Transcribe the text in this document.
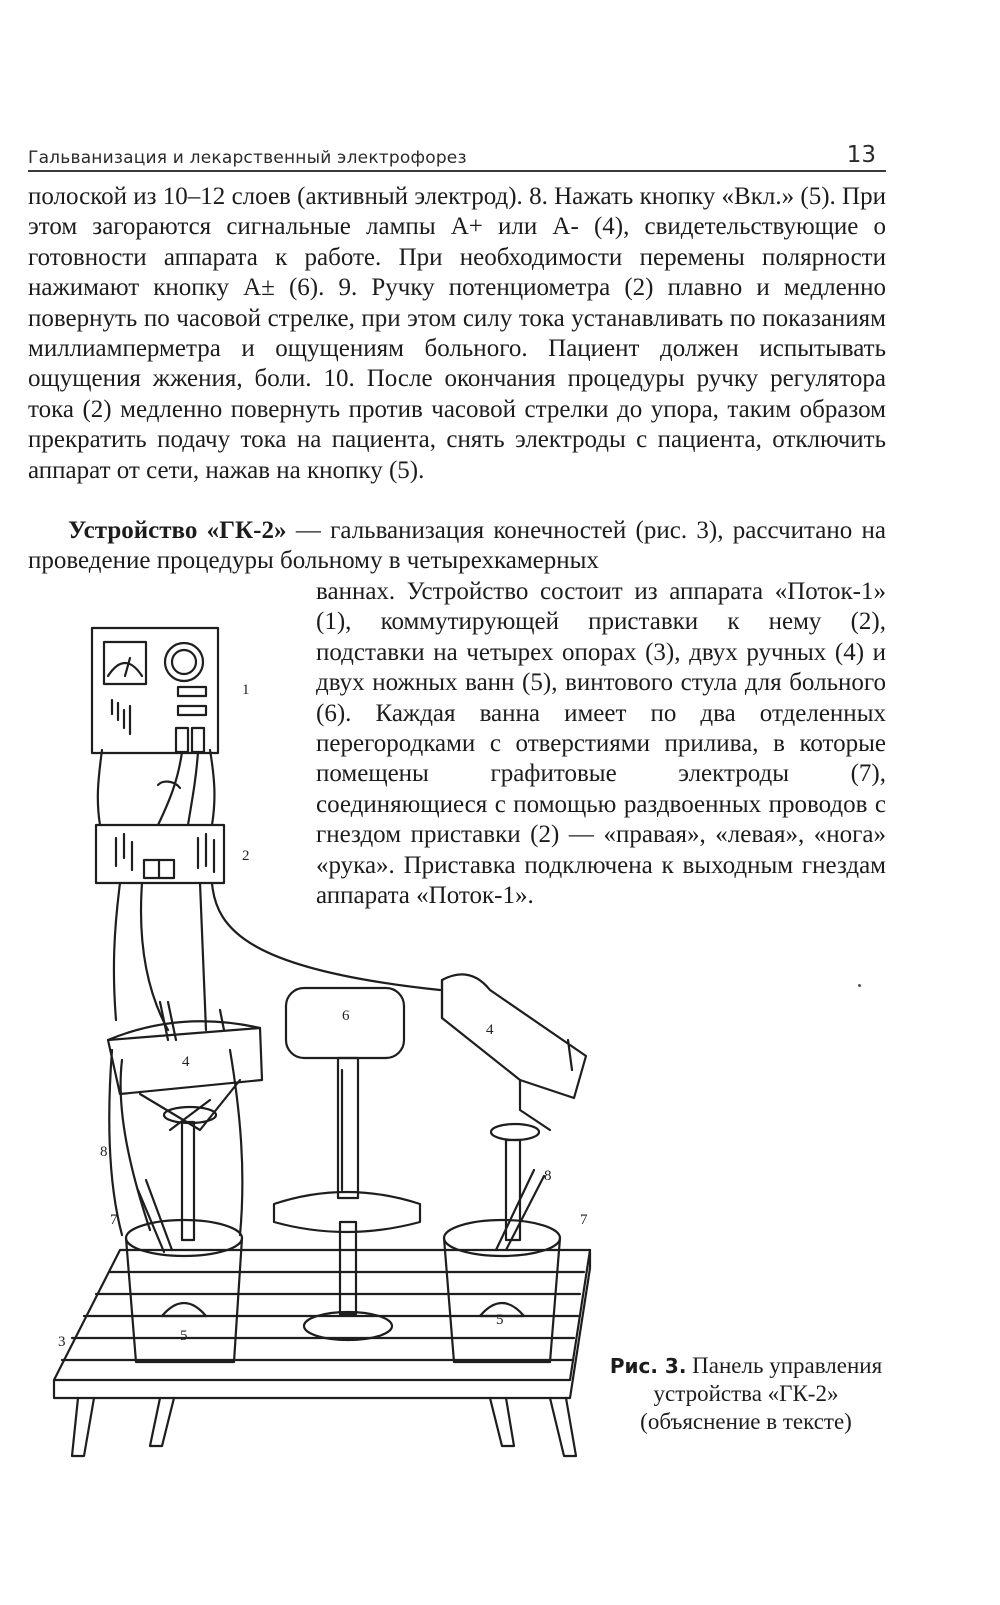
Гальванизация и лекарственный электрофорез	13

полоской из 10–12 слоев (активный электрод). 8. Нажать кнопку «Вкл.» (5). При этом загораются сигнальные лампы А+ или А- (4), свидетельствующие о готовности аппарата к работе. При необходимости перемены полярности нажимают кнопку А± (6). 9. Ручку потенциометра (2) плавно и медленно повернуть по часовой стрелке, при этом силу тока устанавливать по показаниям миллиамперметра и ощущениям больного. Пациент должен испытывать ощущения жжения, боли. 10. После окончания процедуры ручку регулятора тока (2) медленно повернуть против часовой стрелки до упора, таким образом прекратить подачу тока на пациента, снять электроды с пациента, отключить аппарат от сети, нажав на кнопку (5).

Устройство «ГК-2» — гальванизация конечностей (рис. 3), рассчитано на проведение процедуры больному в четырехкамерных

ваннах. Устройство состоит из аппарата «Поток-1» (1), коммутирующей приставки к нему (2), подставки на четырех опорах (3), двух ручных (4) и двух ножных ванн (5), винтового стула для больного (6). Каждая ванна имеет по два отделенных перегородками с отверстиями прилива, в которые помещены графитовые электроды (7), соединяющиеся с помощью раздвоенных проводов с гнездом приставки (2) — «правая», «левая», «нога» «рука». Приставка подключена к выходным гнездам аппарата «Поток-1».

1
2
3
4
4
5
5
6
7	7
8
8
Рис. 3. Панель управления устройства «ГК-2» (объяснение в тексте)
